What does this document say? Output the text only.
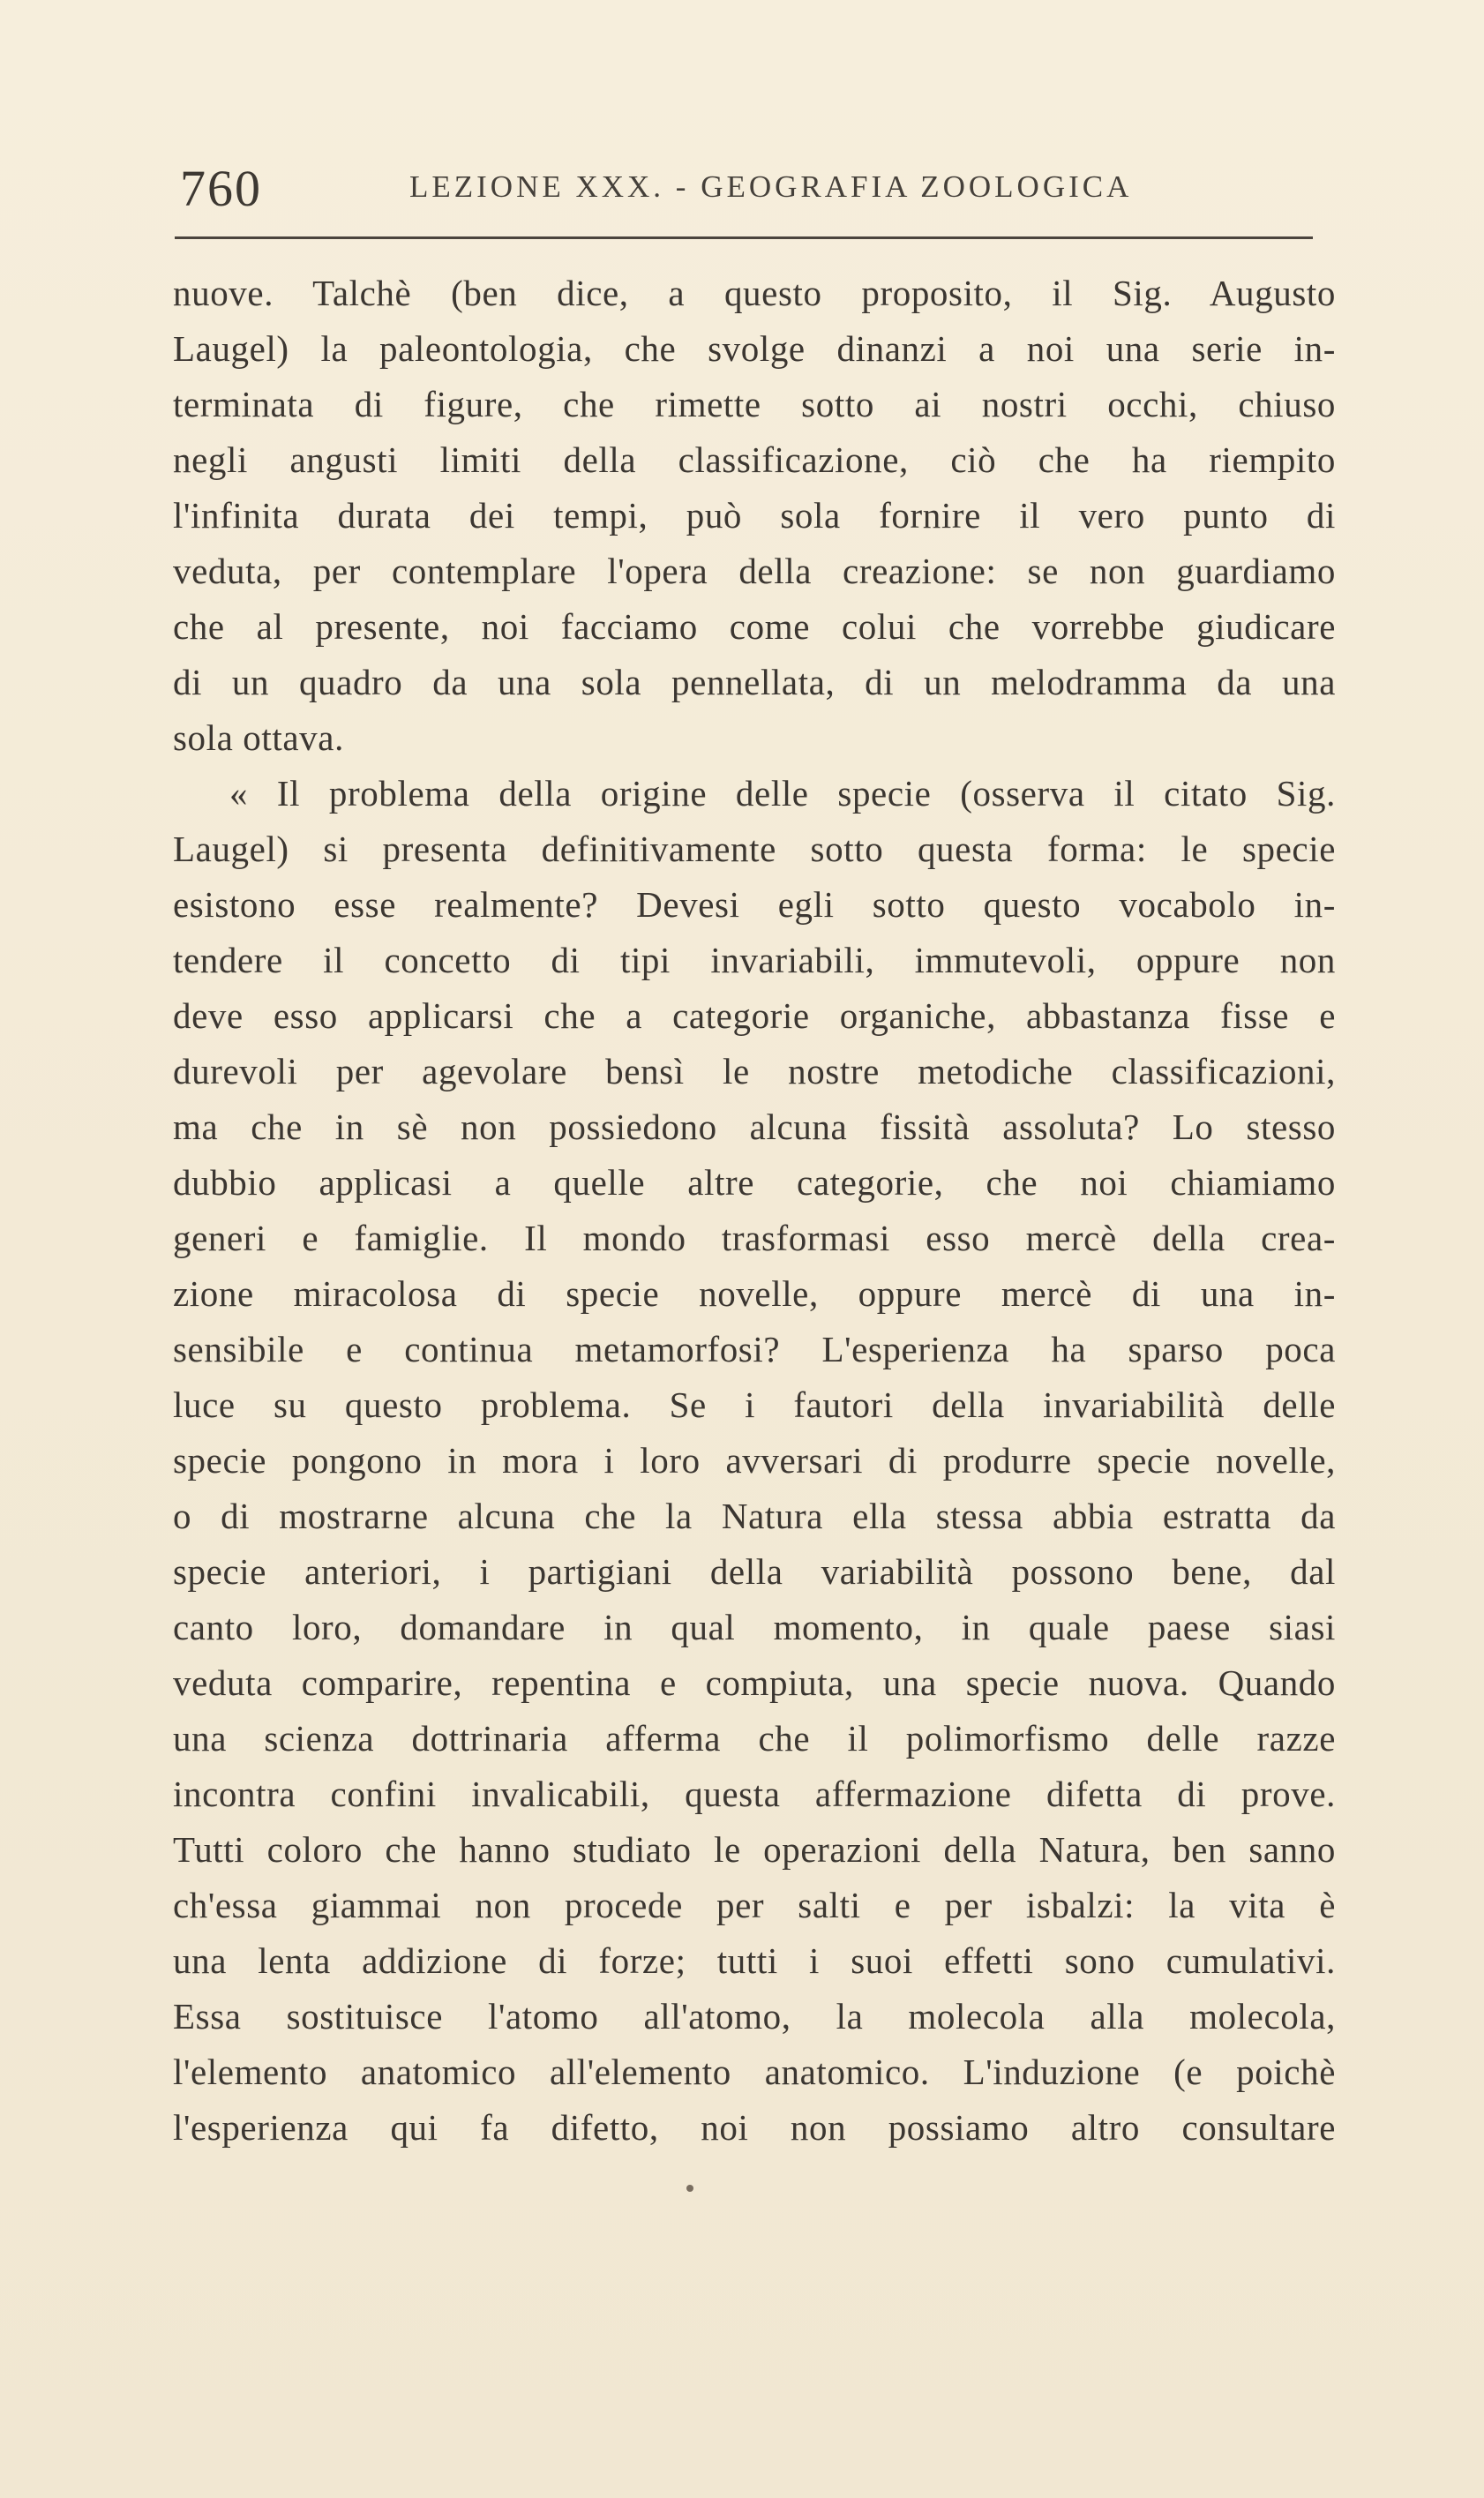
760	LEZIONE XXX. - GEOGRAFIA ZOOLOGICA
nuove. Talchè (ben dice, a questo proposito, il Sig. Augusto
Laugel) la paleontologia, che svolge dinanzi a noi una serie in-
terminata di figure, che rimette sotto ai nostri occhi, chiuso
negli angusti limiti della classificazione, ciò che ha riempito
l'infinita durata dei tempi, può sola fornire il vero punto di
veduta, per contemplare l'opera della creazione: se non guardiamo
che al presente, noi facciamo come colui che vorrebbe giudicare
di un quadro da una sola pennellata, di un melodramma da una
sola ottava.
« Il problema della origine delle specie (osserva il citato Sig.
Laugel) si presenta definitivamente sotto questa forma: le specie
esistono esse realmente? Devesi egli sotto questo vocabolo in-
tendere il concetto di tipi invariabili, immutevoli, oppure non
deve esso applicarsi che a categorie organiche, abbastanza fisse e
durevoli per agevolare bensì le nostre metodiche classificazioni,
ma che in sè non possiedono alcuna fissità assoluta? Lo stesso
dubbio applicasi a quelle altre categorie, che noi chiamiamo
generi e famiglie. Il mondo trasformasi esso mercè della crea-
zione miracolosa di specie novelle, oppure mercè di una in-
sensibile e continua metamorfosi? L'esperienza ha sparso poca
luce su questo problema. Se i fautori della invariabilità delle
specie pongono in mora i loro avversari di produrre specie novelle,
o di mostrarne alcuna che la Natura ella stessa abbia estratta da
specie anteriori, i partigiani della variabilità possono bene, dal
canto loro, domandare in qual momento, in quale paese siasi
veduta comparire, repentina e compiuta, una specie nuova. Quando
una scienza dottrinaria afferma che il polimorfismo delle razze
incontra confini invalicabili, questa affermazione difetta di prove.
Tutti coloro che hanno studiato le operazioni della Natura, ben sanno
ch'essa giammai non procede per salti e per isbalzi: la vita è
una lenta addizione di forze; tutti i suoi effetti sono cumulativi.
Essa sostituisce l'atomo all'atomo, la molecola alla molecola,
l'elemento anatomico all'elemento anatomico. L'induzione (e poichè
l'esperienza qui fa difetto, noi non possiamo altro consultare
